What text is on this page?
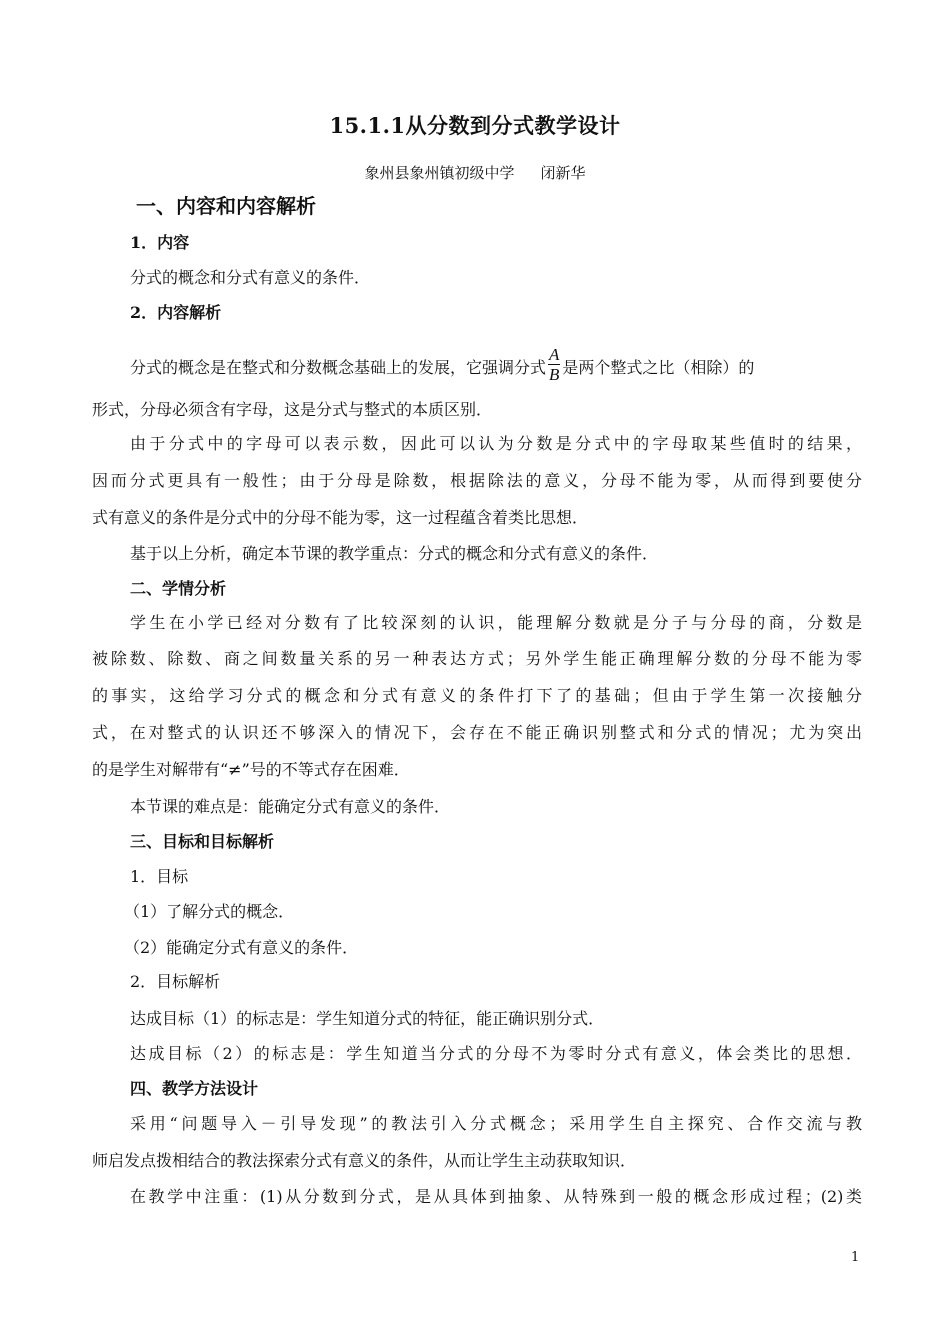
15.1.1从分数到分式教学设计
象州县象州镇初级中学 闭新华
一、内容和内容解析
1．内容
分式的概念和分式有意义的条件．
2．内容解析
分式的概念是在整式和分数概念基础上的发展，它强调分式 $\frac{A}{B}$ 是两个整式之比（相除）的
形式，分母必须含有字母，这是分式与整式的本质区别．
由于分式中的字母可以表示数，因此可以认为分数是分式中的字母取某些值时的结果，
因而分式更具有一般性；由于分母是除数，根据除法的意义，分母不能为零，从而得到要使分
式有意义的条件是分式中的分母不能为零，这一过程蕴含着类比思想．
基于以上分析，确定本节课的教学重点：分式的概念和分式有意义的条件．
二、学情分析
学生在小学已经对分数有了比较深刻的认识，能理解分数就是分子与分母的商，分数是
被除数、除数、商之间数量关系的另一种表达方式；另外学生能正确理解分数的分母不能为零
的事实，这给学习分式的概念和分式有意义的条件打下了的基础；但由于学生第一次接触分
式，在对整式的认识还不够深入的情况下，会存在不能正确识别整式和分式的情况；尤为突出
的是学生对解带有“≠”号的不等式存在困难．
本节课的难点是：能确定分式有意义的条件．
三、目标和目标解析
1．目标
（1）了解分式的概念．
（2）能确定分式有意义的条件．
2．目标解析
达成目标（1）的标志是：学生知道分式的特征，能正确识别分式．
达成目标（2）的标志是：学生知道当分式的分母不为零时分式有意义，体会类比的思想．
四、教学方法设计
采用“问题导入－引导发现”的教法引入分式概念；采用学生自主探究、合作交流与教
师启发点拨相结合的教法探索分式有意义的条件，从而让学生主动获取知识．
在教学中注重：(1)从分数到分式，是从具体到抽象、从特殊到一般的概念形成过程；(2)类
1
